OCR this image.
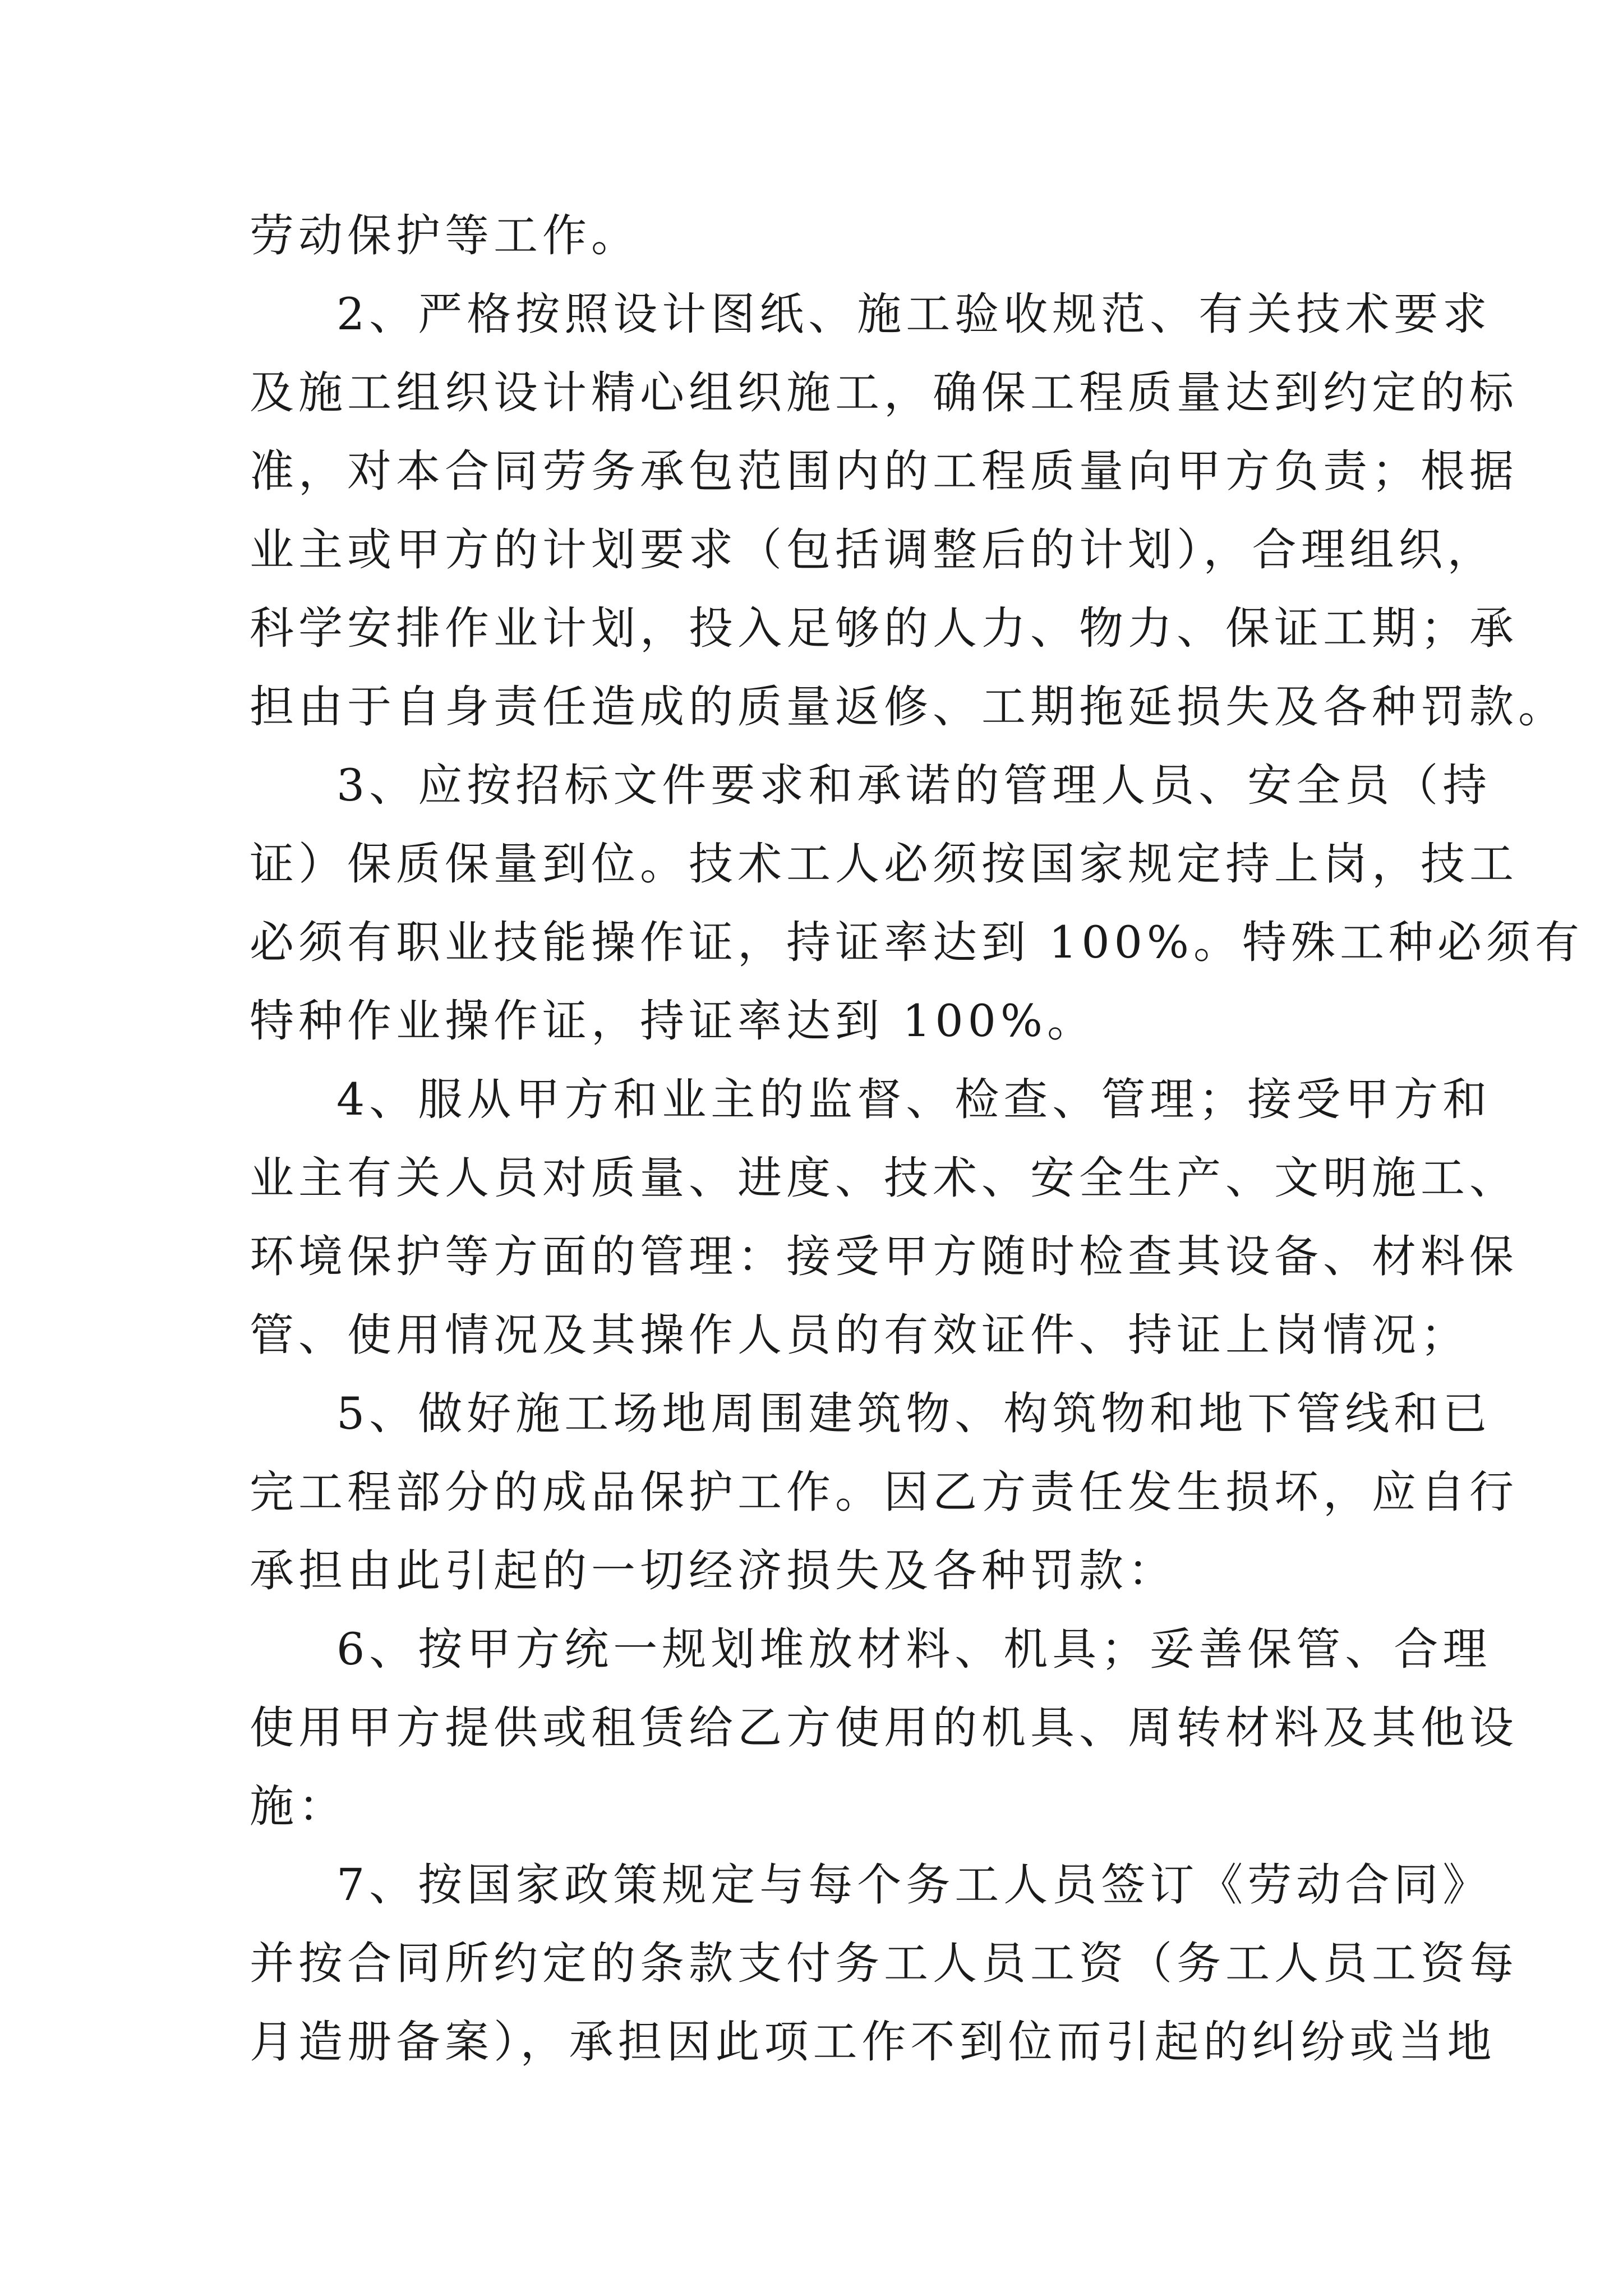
劳动保护等工作。
2、严格按照设计图纸、施工验收规范、有关技术要求
及施工组织设计精心组织施工，确保工程质量达到约定的标
准，对本合同劳务承包范围内的工程质量向甲方负责；根据
业主或甲方的计划要求（包括调整后的计划），合理组织，
科学安排作业计划，投入足够的人力、物力、保证工期；承
担由于自身责任造成的质量返修、工期拖延损失及各种罚款。
3、应按招标文件要求和承诺的管理人员、安全员（持
证）保质保量到位。技术工人必须按国家规定持上岗，技工
必须有职业技能操作证，持证率达到 100%。特殊工种必须有
特种作业操作证，持证率达到 100%。
4、服从甲方和业主的监督、检查、管理；接受甲方和
业主有关人员对质量、进度、技术、安全生产、文明施工、
环境保护等方面的管理：接受甲方随时检查其设备、材料保
管、使用情况及其操作人员的有效证件、持证上岗情况；
5、做好施工场地周围建筑物、构筑物和地下管线和已
完工程部分的成品保护工作。因乙方责任发生损坏，应自行
承担由此引起的一切经济损失及各种罚款：
6、按甲方统一规划堆放材料、机具；妥善保管、合理
使用甲方提供或租赁给乙方使用的机具、周转材料及其他设
施：
7、按国家政策规定与每个务工人员签订《劳动合同》
并按合同所约定的条款支付务工人员工资（务工人员工资每
月造册备案），承担因此项工作不到位而引起的纠纷或当地
